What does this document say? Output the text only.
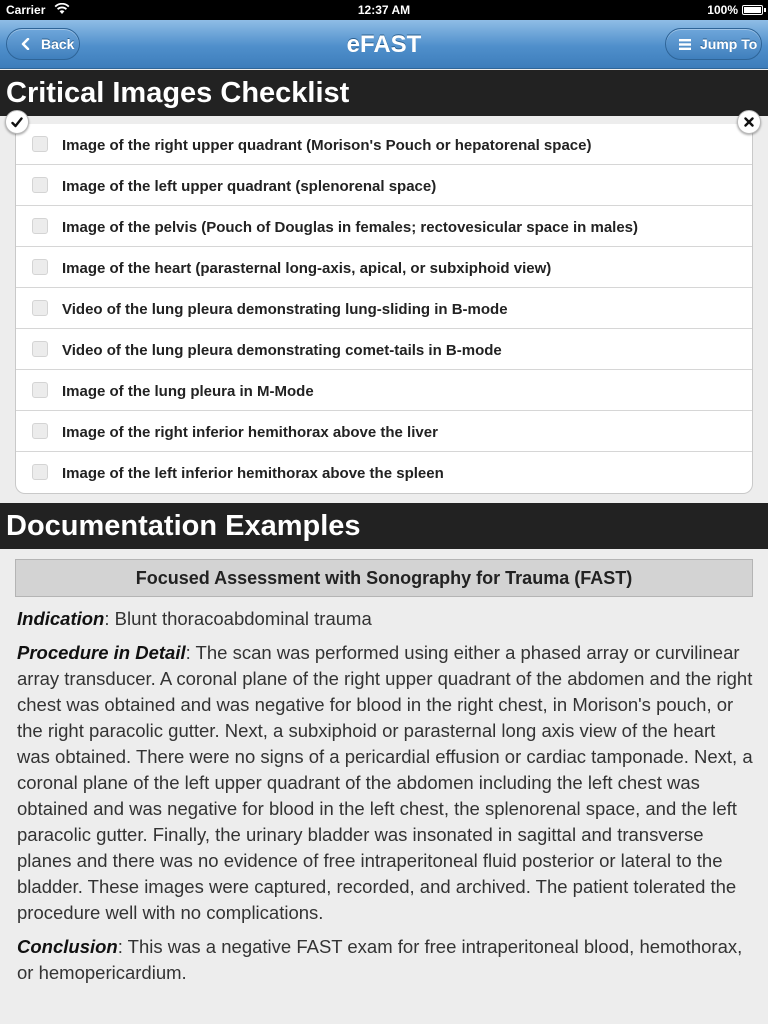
Carrier	12:37 AM	100%
Back	eFAST	Jump To
Critical Images Checklist
Image of the right upper quadrant (Morison's Pouch or hepatorenal space)
Image of the left upper quadrant (splenorenal space)
Image of the pelvis (Pouch of Douglas in females; rectovesicular space in males)
Image of the heart (parasternal long-axis, apical, or subxiphoid view)
Video of the lung pleura demonstrating lung-sliding in B-mode
Video of the lung pleura demonstrating comet-tails in B-mode
Image of the lung pleura in M-Mode
Image of the right inferior hemithorax above the liver
Image of the left inferior hemithorax above the spleen
Documentation Examples
Focused Assessment with Sonography for Trauma (FAST)

Indication: Blunt thoracoabdominal trauma

Procedure in Detail: The scan was performed using either a phased array or curvilinear array transducer. A coronal plane of the right upper quadrant of the abdomen and the right chest was obtained and was negative for blood in the right chest, in Morison's pouch, or the right paracolic gutter. Next, a subxiphoid or parasternal long axis view of the heart was obtained. There were no signs of a pericardial effusion or cardiac tamponade. Next, a coronal plane of the left upper quadrant of the abdomen including the left chest was obtained and was negative for blood in the left chest, the splenorenal space, and the left paracolic gutter. Finally, the urinary bladder was insonated in sagittal and transverse planes and there was no evidence of free intraperitoneal fluid posterior or lateral to the bladder. These images were captured, recorded, and archived. The patient tolerated the procedure well with no complications.

Conclusion: This was a negative FAST exam for free intraperitoneal blood, hemothorax, or hemopericardium.
